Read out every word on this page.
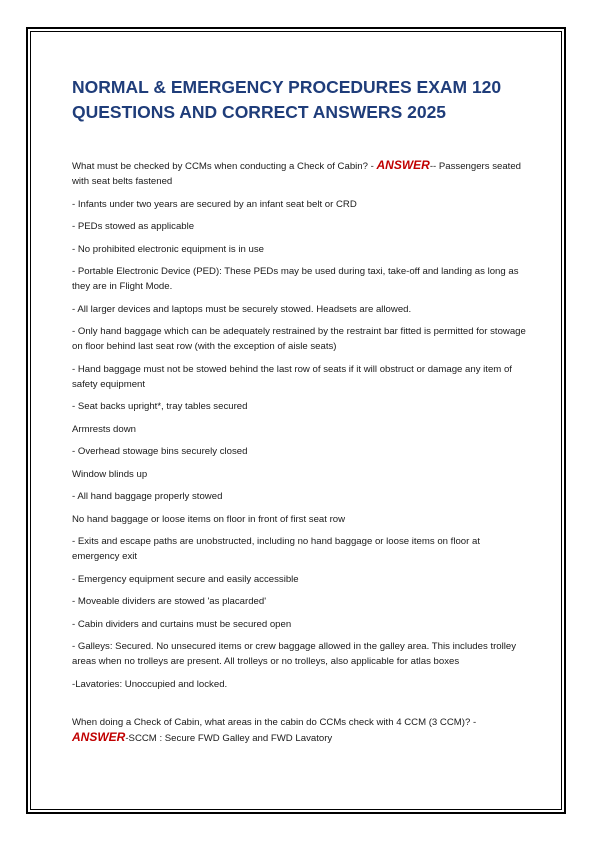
NORMAL & EMERGENCY PROCEDURES EXAM 120 QUESTIONS AND CORRECT ANSWERS 2025

What must be checked by CCMs when conducting a Check of Cabin? - ANSWER-- Passengers seated with seat belts fastened

- Infants under two years are secured by an infant seat belt or CRD

- PEDs stowed as applicable

- No prohibited electronic equipment is in use

- Portable Electronic Device (PED): These PEDs may be used during taxi, take-off and landing as long as they are in Flight Mode.

- All larger devices and laptops must be securely stowed. Headsets are allowed.

- Only hand baggage which can be adequately restrained by the restraint bar fitted is permitted for stowage on floor behind last seat row (with the exception of aisle seats)

- Hand baggage must not be stowed behind the last row of seats if it will obstruct or damage any item of safety equipment

- Seat backs upright*, tray tables secured

Armrests down

- Overhead stowage bins securely closed

Window blinds up

- All hand baggage properly stowed

No hand baggage or loose items on floor in front of first seat row

- Exits and escape paths are unobstructed, including no hand baggage or loose items on floor at emergency exit

- Emergency equipment secure and easily accessible

- Moveable dividers are stowed 'as placarded'

- Cabin dividers and curtains must be secured open

- Galleys: Secured. No unsecured items or crew baggage allowed in the galley area. This includes trolley areas when no trolleys are present. All trolleys or no trolleys, also applicable for atlas boxes

-Lavatories: Unoccupied and locked.

When doing a Check of Cabin, what areas in the cabin do CCMs check with 4 CCM (3 CCM)? - ANSWER-SCCM : Secure FWD Galley and FWD Lavatory
